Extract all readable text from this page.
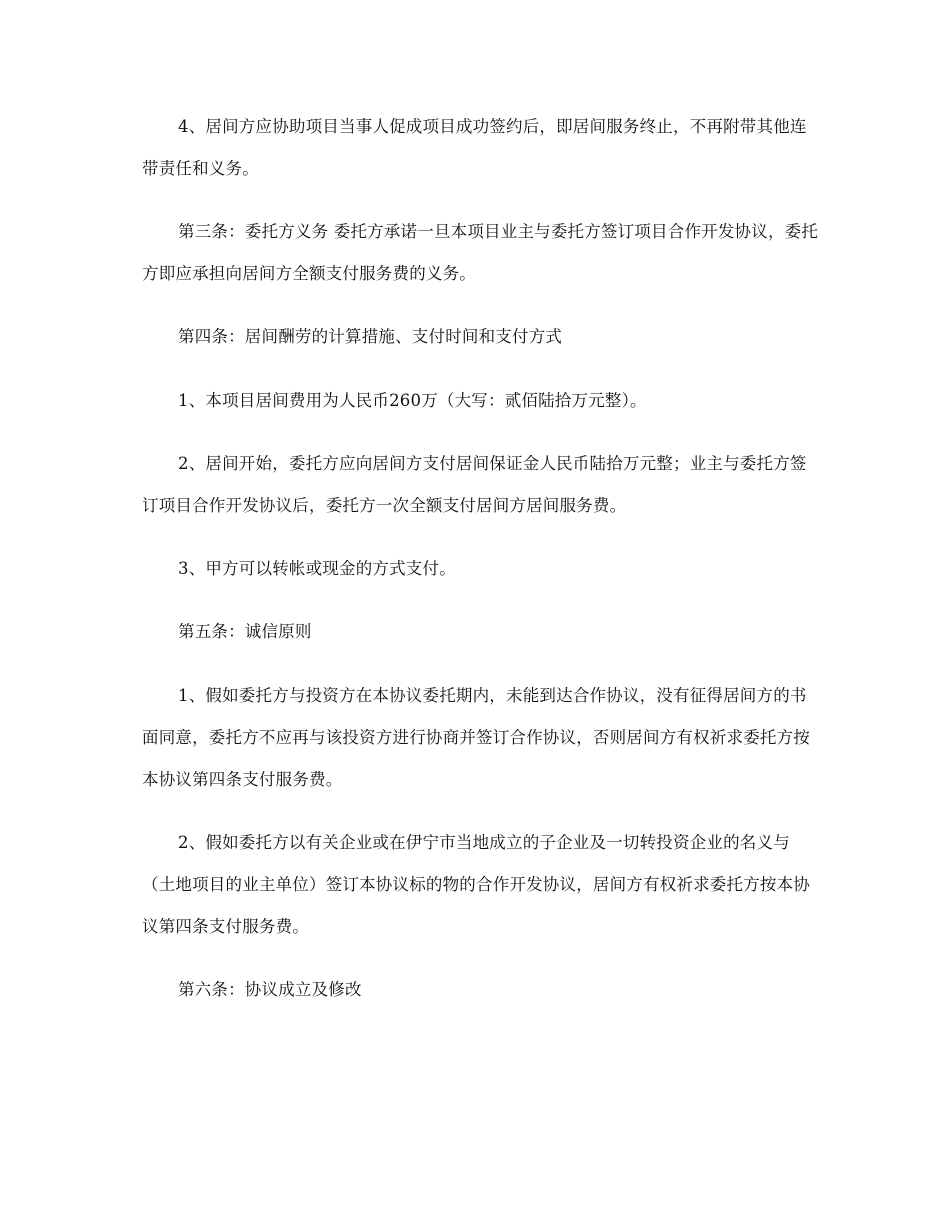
4、居间方应协助项目当事人促成项目成功签约后，即居间服务终止，不再附带其他连带责任和义务。

第三条：委托方义务 委托方承诺一旦本项目业主与委托方签订项目合作开发协议，委托方即应承担向居间方全额支付服务费的义务。

第四条：居间酬劳的计算措施、支付时间和支付方式

1、本项目居间费用为人民币260万（大写：贰佰陆拾万元整）。

2、居间开始，委托方应向居间方支付居间保证金人民币陆拾万元整；业主与委托方签订项目合作开发协议后，委托方一次全额支付居间方居间服务费。

3、甲方可以转帐或现金的方式支付。

第五条：诚信原则

1、假如委托方与投资方在本协议委托期内，未能到达合作协议，没有征得居间方的书面同意，委托方不应再与该投资方进行协商并签订合作协议，否则居间方有权祈求委托方按本协议第四条支付服务费。

2、假如委托方以有关企业或在伊宁市当地成立的子企业及一切转投资企业的名义与 （土地项目的业主单位）签订本协议标的物的合作开发协议，居间方有权祈求委托方按本协议第四条支付服务费。

第六条：协议成立及修改
